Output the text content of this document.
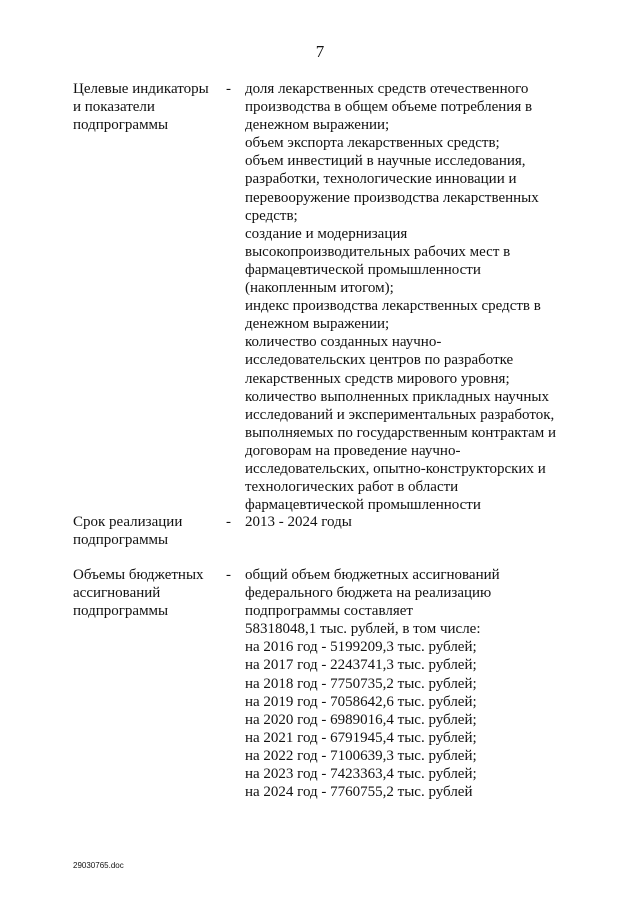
7
Целевые индикаторы
и показатели
подпрограммы
- доля лекарственных средств отечественного
производства в общем объеме потребления в
денежном выражении;
объем экспорта лекарственных средств;
объем инвестиций в научные исследования,
разработки, технологические инновации и
перевооружение производства лекарственных
средств;
создание и модернизация
высокопроизводительных рабочих мест в
фармацевтической промышленности
(накопленным итогом);
индекс производства лекарственных средств в
денежном выражении;
количество созданных научно-
исследовательских центров по разработке
лекарственных средств мирового уровня;
количество выполненных прикладных научных
исследований и экспериментальных разработок,
выполняемых по государственным контрактам и
договорам на проведение научно-
исследовательских, опытно-конструкторских и
технологических работ в области
фармацевтической промышленности
Срок реализации
подпрограммы
- 2013 - 2024 годы
Объемы бюджетных
ассигнований
подпрограммы
- общий объем бюджетных ассигнований
федерального бюджета на реализацию
подпрограммы составляет
58318048,1 тыс. рублей, в том числе:
на 2016 год - 5199209,3 тыс. рублей;
на 2017 год - 2243741,3 тыс. рублей;
на 2018 год - 7750735,2 тыс. рублей;
на 2019 год - 7058642,6 тыс. рублей;
на 2020 год - 6989016,4 тыс. рублей;
на 2021 год - 6791945,4 тыс. рублей;
на 2022 год - 7100639,3 тыс. рублей;
на 2023 год - 7423363,4 тыс. рублей;
на 2024 год - 7760755,2 тыс. рублей
29030765.doc
